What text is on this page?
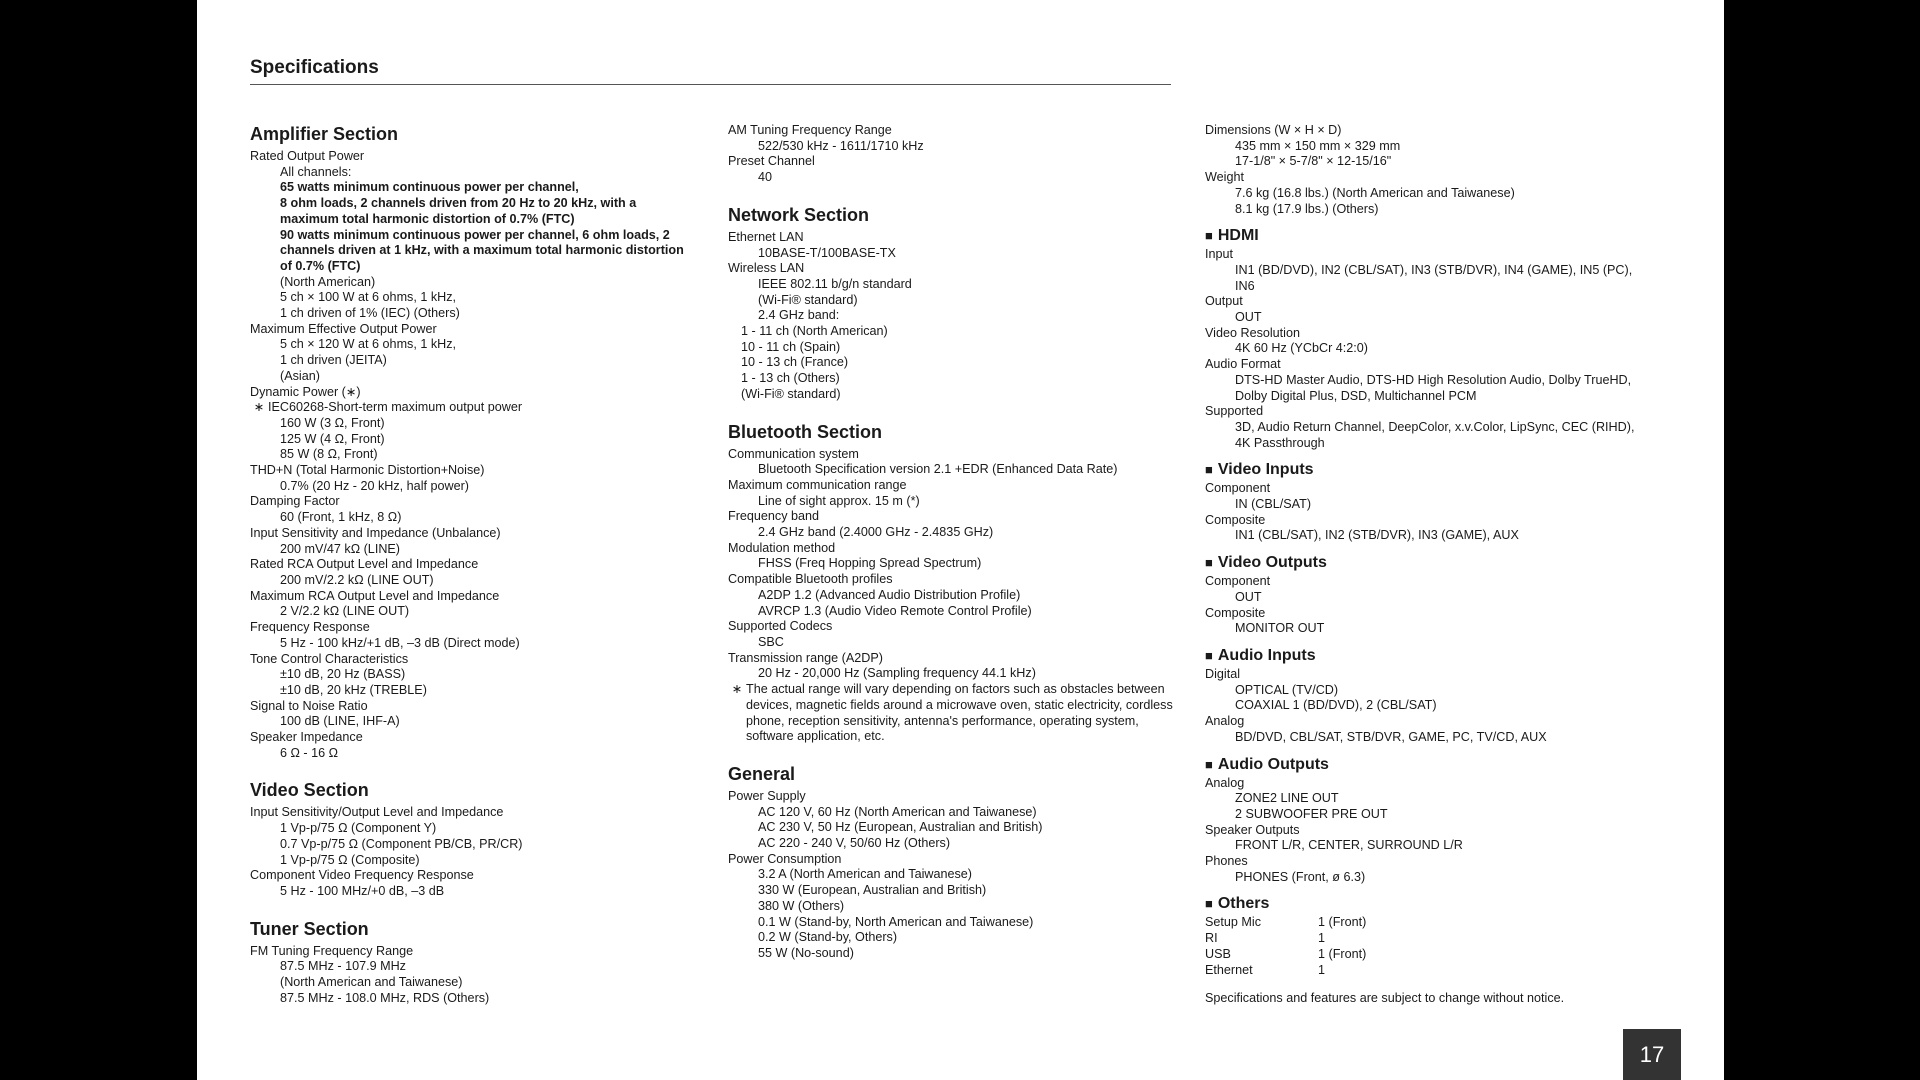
Specifications
Amplifier Section
Rated Output Power
All channels:
65 watts minimum continuous power per channel,
8 ohm loads, 2 channels driven from 20 Hz to 20 kHz, with a
maximum total harmonic distortion of 0.7% (FTC)
90 watts minimum continuous power per channel, 6 ohm loads, 2
channels driven at 1 kHz, with a maximum total harmonic distortion
of 0.7% (FTC)
(North American)
5 ch × 100 W at 6 ohms, 1 kHz,
1 ch driven of 1% (IEC) (Others)
Maximum Effective Output Power
5 ch × 120 W at 6 ohms, 1 kHz,
1 ch driven (JEITA)
(Asian)
Dynamic Power (∗)
∗ IEC60268-Short-term maximum output power
160 W (3 Ω, Front)
125 W (4 Ω, Front)
85 W (8 Ω, Front)
THD+N (Total Harmonic Distortion+Noise)
0.7% (20 Hz - 20 kHz, half power)
Damping Factor
60 (Front, 1 kHz, 8 Ω)
Input Sensitivity and Impedance (Unbalance)
200 mV/47 kΩ (LINE)
Rated RCA Output Level and Impedance
200 mV/2.2 kΩ (LINE OUT)
Maximum RCA Output Level and Impedance
2 V/2.2 kΩ (LINE OUT)
Frequency Response
5 Hz - 100 kHz/+1 dB, –3 dB (Direct mode)
Tone Control Characteristics
±10 dB, 20 Hz (BASS)
±10 dB, 20 kHz (TREBLE)
Signal to Noise Ratio
100 dB (LINE, IHF-A)
Speaker Impedance
6 Ω - 16 Ω
Video Section
Input Sensitivity/Output Level and Impedance
1 Vp-p/75 Ω (Component Y)
0.7 Vp-p/75 Ω (Component PB/CB, PR/CR)
1 Vp-p/75 Ω (Composite)
Component Video Frequency Response
5 Hz - 100 MHz/+0 dB, –3 dB
Tuner Section
FM Tuning Frequency Range
87.5 MHz - 107.9 MHz
(North American and Taiwanese)
87.5 MHz - 108.0 MHz, RDS (Others)
AM Tuning Frequency Range
522/530 kHz - 1611/1710 kHz
Preset Channel
40
Network Section
Ethernet LAN
10BASE-T/100BASE-TX
Wireless LAN
IEEE 802.11 b/g/n standard
(Wi-Fi® standard)
2.4 GHz band:
1 - 11 ch (North American)
10 - 11 ch (Spain)
10 - 13 ch (France)
1 - 13 ch (Others)
(Wi-Fi® standard)
Bluetooth Section
Communication system
Bluetooth Specification version 2.1 +EDR (Enhanced Data Rate)
Maximum communication range
Line of sight approx. 15 m (*)
Frequency band
2.4 GHz band (2.4000 GHz - 2.4835 GHz)
Modulation method
FHSS (Freq Hopping Spread Spectrum)
Compatible Bluetooth profiles
A2DP 1.2 (Advanced Audio Distribution Profile)
AVRCP 1.3 (Audio Video Remote Control Profile)
Supported Codecs
SBC
Transmission range (A2DP)
20 Hz - 20,000 Hz (Sampling frequency 44.1 kHz)
∗ The actual range will vary depending on factors such as obstacles between devices, magnetic fields around a microwave oven, static electricity, cordless phone, reception sensitivity, antenna's performance, operating system, software application, etc.
General
Power Supply
AC 120 V, 60 Hz (North American and Taiwanese)
AC 230 V, 50 Hz (European, Australian and British)
AC 220 - 240 V, 50/60 Hz (Others)
Power Consumption
3.2 A (North American and Taiwanese)
330 W (European, Australian and British)
380 W (Others)
0.1 W (Stand-by, North American and Taiwanese)
0.2 W (Stand-by, Others)
55 W (No-sound)
Dimensions (W × H × D)
435 mm × 150 mm × 329 mm
17-1/8" × 5-7/8" × 12-15/16"
Weight
7.6 kg (16.8 lbs.) (North American and Taiwanese)
8.1 kg (17.9 lbs.) (Others)
■ HDMI
Input
IN1 (BD/DVD), IN2 (CBL/SAT), IN3 (STB/DVR), IN4 (GAME), IN5 (PC),
IN6
Output
OUT
Video Resolution
4K 60 Hz (YCbCr 4:2:0)
Audio Format
DTS-HD Master Audio, DTS-HD High Resolution Audio, Dolby TrueHD,
Dolby Digital Plus, DSD, Multichannel PCM
Supported
3D, Audio Return Channel, DeepColor, x.v.Color, LipSync, CEC (RIHD),
4K Passthrough
■ Video Inputs
Component
IN (CBL/SAT)
Composite
IN1 (CBL/SAT), IN2 (STB/DVR), IN3 (GAME), AUX
■ Video Outputs
Component
OUT
Composite
MONITOR OUT
■ Audio Inputs
Digital
OPTICAL (TV/CD)
COAXIAL 1 (BD/DVD), 2 (CBL/SAT)
Analog
BD/DVD, CBL/SAT, STB/DVR, GAME, PC, TV/CD, AUX
■ Audio Outputs
Analog
ZONE2 LINE OUT
2 SUBWOOFER PRE OUT
Speaker Outputs
FRONT L/R, CENTER, SURROUND L/R
Phones
PHONES (Front, ø 6.3)
■ Others
Setup Mic	1 (Front)
RI	1
USB	1 (Front)
Ethernet	1
Specifications and features are subject to change without notice.
17
